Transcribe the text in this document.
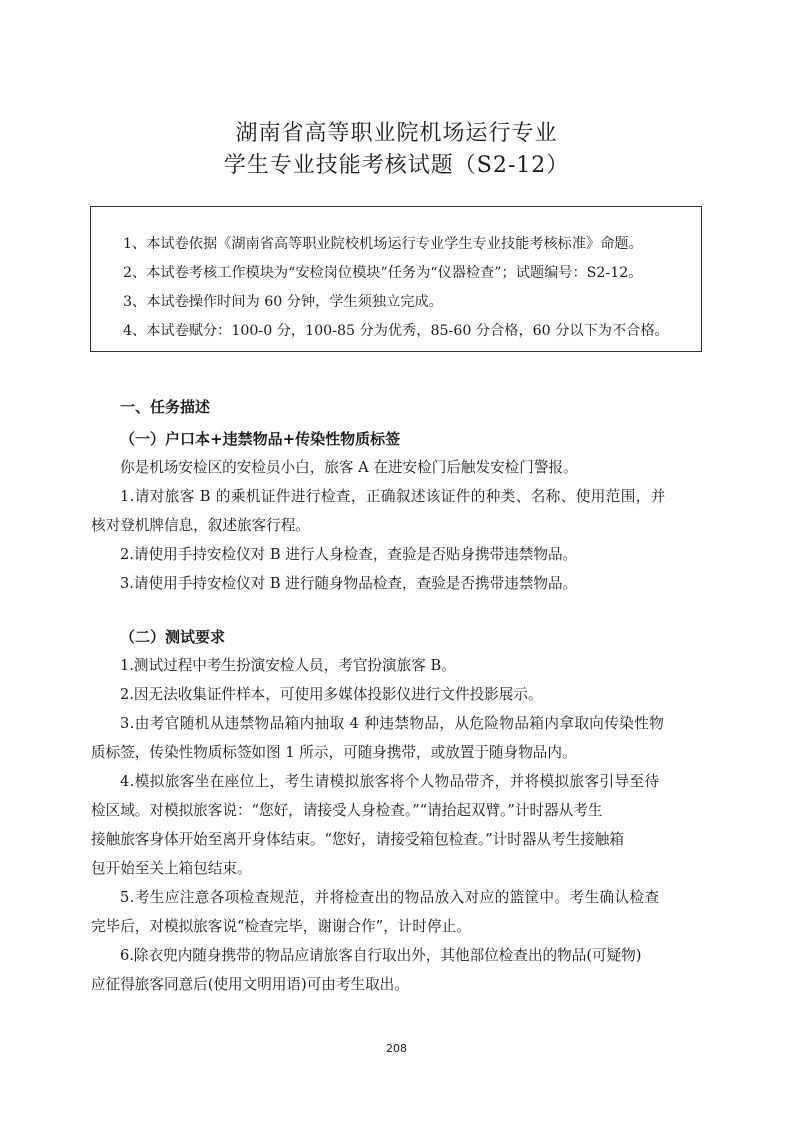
湖南省高等职业院机场运行专业
学生专业技能考核试题（S2-12）
1、本试卷依据《湖南省高等职业院校机场运行专业学生专业技能考核标准》命题。
2、本试卷考核工作模块为“安检岗位模块”任务为“仪器检查”；试题编号：S2-12。
3、本试卷操作时间为 60 分钟，学生须独立完成。
4、本试卷赋分：100-0 分，100-85 分为优秀，85-60 分合格，60 分以下为不合格。
一、任务描述
（一）户口本+违禁物品+传染性物质标签
你是机场安检区的安检员小白，旅客 A 在进安检门后触发安检门警报。
1.请对旅客 B 的乘机证件进行检查，正确叙述该证件的种类、名称、使用范围，并
核对登机牌信息，叙述旅客行程。
2.请使用手持安检仪对 B 进行人身检查，查验是否贴身携带违禁物品。
3.请使用手持安检仪对 B 进行随身物品检查，查验是否携带违禁物品。
（二）测试要求
1.测试过程中考生扮演安检人员，考官扮演旅客 B。
2.因无法收集证件样本，可使用多媒体投影仪进行文件投影展示。
3.由考官随机从违禁物品箱内抽取 4 种违禁物品，从危险物品箱内拿取向传染性物
质标签，传染性物质标签如图 1 所示，可随身携带，或放置于随身物品内。
4.模拟旅客坐在座位上，考生请模拟旅客将个人物品带齐，并将模拟旅客引导至待
检区域。对模拟旅客说：“您好，请接受人身检查。”“请抬起双臂。”计时器从考生
接触旅客身体开始至离开身体结束。“您好，请接受箱包检查。”计时器从考生接触箱
包开始至关上箱包结束。
5.考生应注意各项检查规范，并将检查出的物品放入对应的篮筐中。考生确认检查
完毕后，对模拟旅客说“检查完毕，谢谢合作”，计时停止。
6.除衣兜内随身携带的物品应请旅客自行取出外，其他部位检查出的物品(可疑物)
应征得旅客同意后(使用文明用语)可由考生取出。
208
